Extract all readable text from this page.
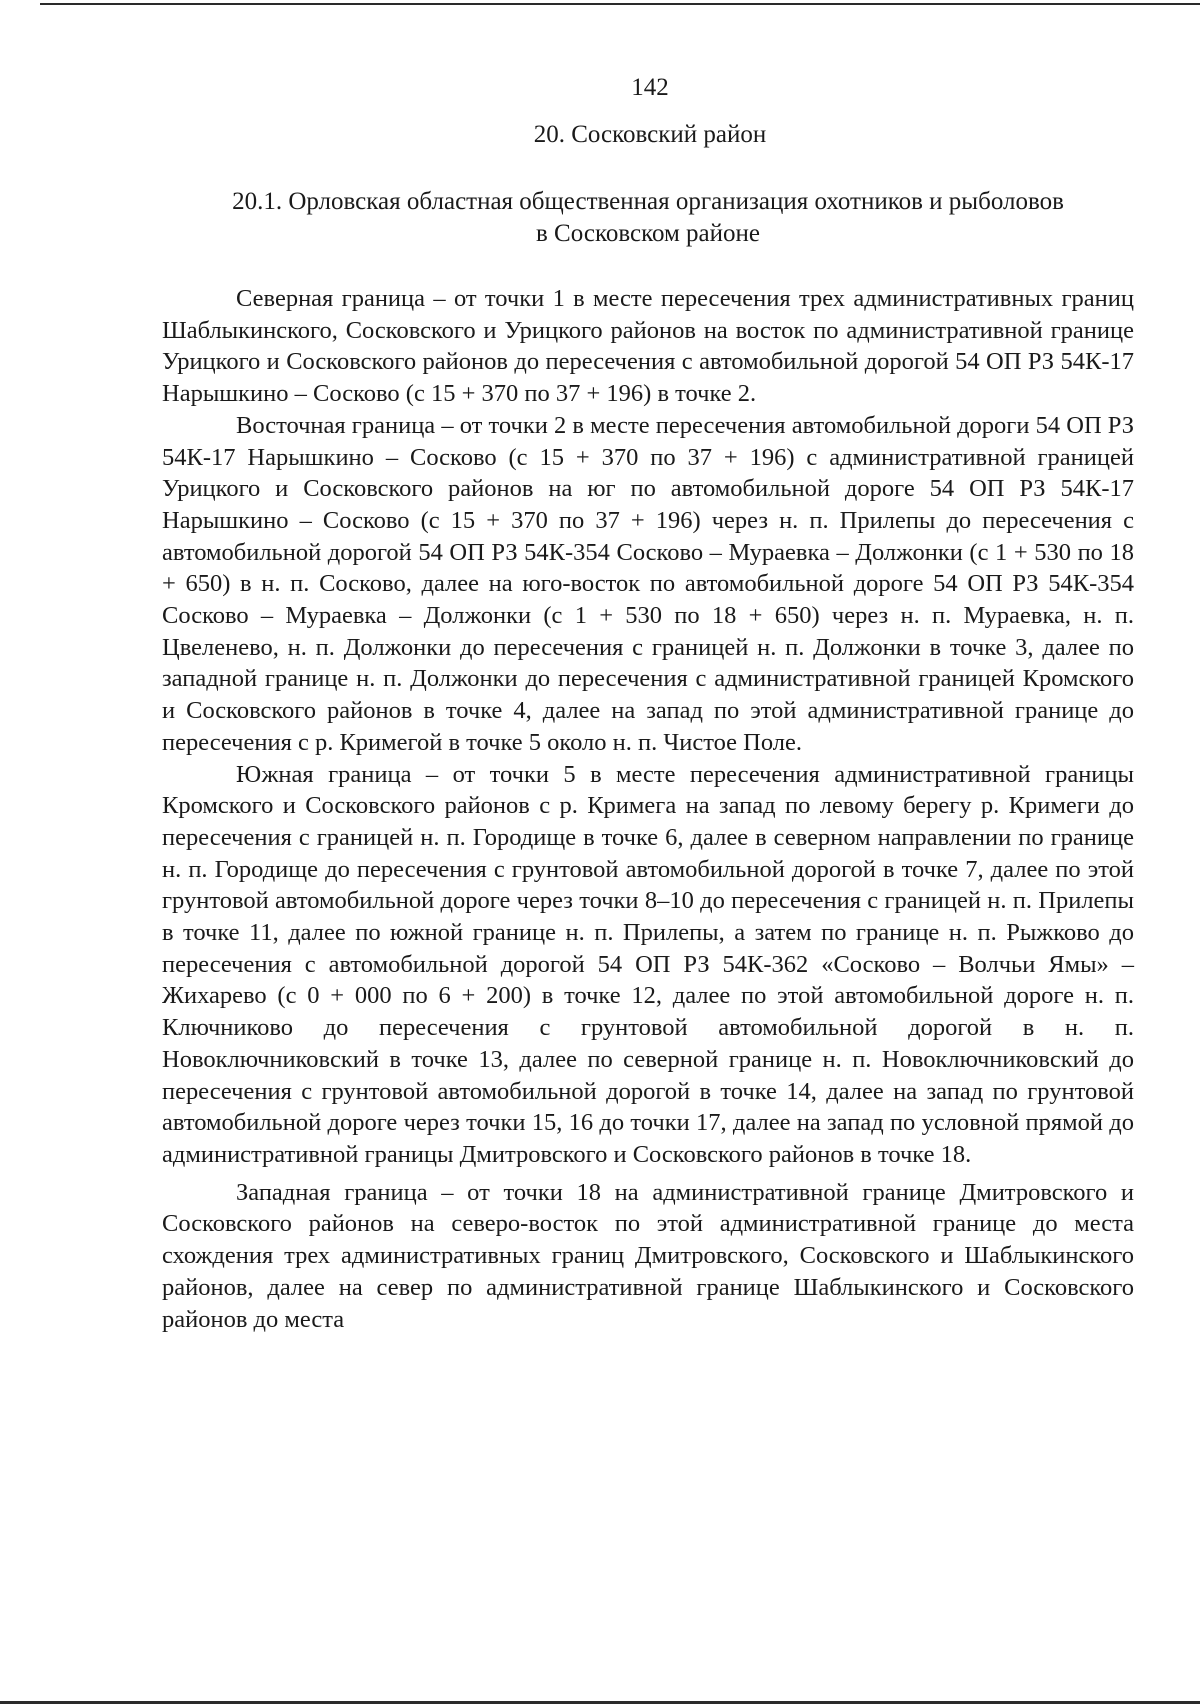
142
20. Сосковский район
20.1. Орловская областная общественная организация охотников и рыболовов
в Сосковском районе

Северная граница – от точки 1 в месте пересечения трех административных границ Шаблыкинского, Сосковского и Урицкого районов на восток по административной границе Урицкого и Сосковского районов до пересечения с автомобильной дорогой 54 ОП РЗ 54К-17 Нарышкино – Сосково (с 15 + 370 по 37 + 196) в точке 2.

Восточная граница – от точки 2 в месте пересечения автомобильной дороги 54 ОП РЗ 54К-17 Нарышкино – Сосково (с 15 + 370 по 37 + 196) с административной границей Урицкого и Сосковского районов на юг по автомобильной дороге 54 ОП РЗ 54К-17 Нарышкино – Сосково (с 15 + 370 по 37 + 196) через н. п. Прилепы до пересечения с автомобильной дорогой 54 ОП РЗ 54К-354 Сосково – Мураевка – Должонки (с 1 + 530 по 18 + 650) в н. п. Сосково, далее на юго-восток по автомобильной дороге 54 ОП РЗ 54К-354 Сосково – Мураевка – Должонки (с 1 + 530 по 18 + 650) через н. п. Мураевка, н. п. Цвеленево, н. п. Должонки до пересечения с границей н. п. Должонки в точке 3, далее по западной границе н. п. Должонки до пересечения с административной границей Кромского и Сосковского районов в точке 4, далее на запад по этой административной границе до пересечения с р. Кримегой в точке 5 около н. п. Чистое Поле.

Южная граница – от точки 5 в месте пересечения административной границы Кромского и Сосковского районов с р. Кримега на запад по левому берегу р. Кримеги до пересечения с границей н. п. Городище в точке 6, далее в северном направлении по границе н. п. Городище до пересечения с грунтовой автомобильной дорогой в точке 7, далее по этой грунтовой автомобильной дороге через точки 8–10 до пересечения с границей н. п. Прилепы в точке 11, далее по южной границе н. п. Прилепы, а затем по границе н. п. Рыжково до пересечения с автомобильной дорогой 54 ОП РЗ 54К-362 «Сосково – Волчьи Ямы» – Жихарево (с 0 + 000 по 6 + 200) в точке 12, далее по этой автомобильной дороге н. п. Ключниково до пересечения с грунтовой автомобильной дорогой в н. п. Новоключниковский в точке 13, далее по северной границе н. п. Новоключниковский до пересечения с грунтовой автомобильной дорогой в точке 14, далее на запад по грунтовой автомобильной дороге через точки 15, 16 до точки 17, далее на запад по условной прямой до административной границы Дмитровского и Сосковского районов в точке 18.

Западная граница – от точки 18 на административной границе Дмитровского и Сосковского районов на северо-восток по этой административной границе до места схождения трех административных границ Дмитровского, Сосковского и Шаблыкинского районов, далее на север по административной границе Шаблыкинского и Сосковского районов до места
